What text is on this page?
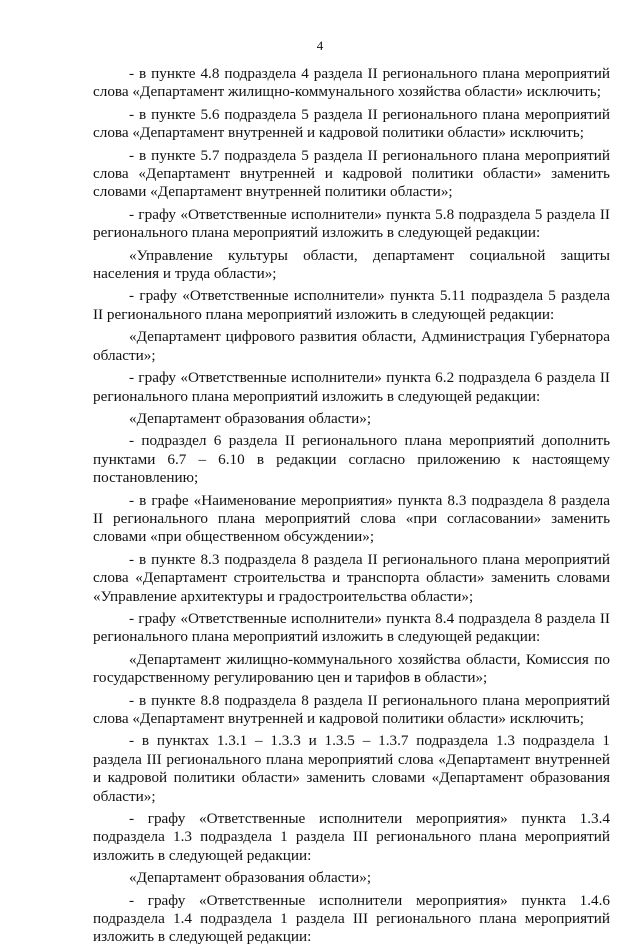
4

- в пункте 4.8 подраздела 4 раздела II регионального плана мероприятий слова «Департамент жилищно-коммунального хозяйства области» исключить;

- в пункте 5.6 подраздела 5 раздела II регионального плана мероприятий слова «Департамент внутренней и кадровой политики области» исключить;

- в пункте 5.7 подраздела 5 раздела II регионального плана мероприятий слова «Департамент внутренней и кадровой политики области» заменить словами «Департамент внутренней политики области»;

- графу «Ответственные исполнители» пункта 5.8 подраздела 5 раздела II регионального плана мероприятий изложить в следующей редакции:

«Управление культуры области, департамент социальной защиты населения и труда области»;

- графу «Ответственные исполнители» пункта 5.11 подраздела 5 раздела II регионального плана мероприятий изложить в следующей редакции:

«Департамент цифрового развития области, Администрация Губернатора области»;

- графу «Ответственные исполнители» пункта 6.2 подраздела 6 раздела II регионального плана мероприятий изложить в следующей редакции:

«Департамент образования области»;

- подраздел 6 раздела II регионального плана мероприятий дополнить пунктами 6.7 – 6.10 в редакции согласно приложению к настоящему постановлению;

- в графе «Наименование мероприятия» пункта 8.3 подраздела 8 раздела II регионального плана мероприятий слова «при согласовании» заменить словами «при общественном обсуждении»;

- в пункте 8.3 подраздела 8 раздела II регионального плана мероприятий слова «Департамент строительства и транспорта области» заменить словами «Управление архитектуры и градостроительства области»;

- графу «Ответственные исполнители» пункта 8.4 подраздела 8 раздела II регионального плана мероприятий изложить в следующей редакции:

«Департамент жилищно-коммунального хозяйства области, Комиссия по государственному регулированию цен и тарифов в области»;

- в пункте 8.8 подраздела 8 раздела II регионального плана мероприятий слова «Департамент внутренней и кадровой политики области» исключить;

- в пунктах 1.3.1 – 1.3.3 и 1.3.5 – 1.3.7 подраздела 1.3 подраздела 1 раздела III регионального плана мероприятий слова «Департамент внутренней и кадровой политики области» заменить словами «Департамент образования области»;

- графу «Ответственные исполнители мероприятия» пункта 1.3.4 подраздела 1.3 подраздела 1 раздела III регионального плана мероприятий изложить в следующей редакции:

«Департамент образования области»;

- графу «Ответственные исполнители мероприятия» пункта 1.4.6 подраздела 1.4 подраздела 1 раздела III регионального плана мероприятий изложить в следующей редакции:
